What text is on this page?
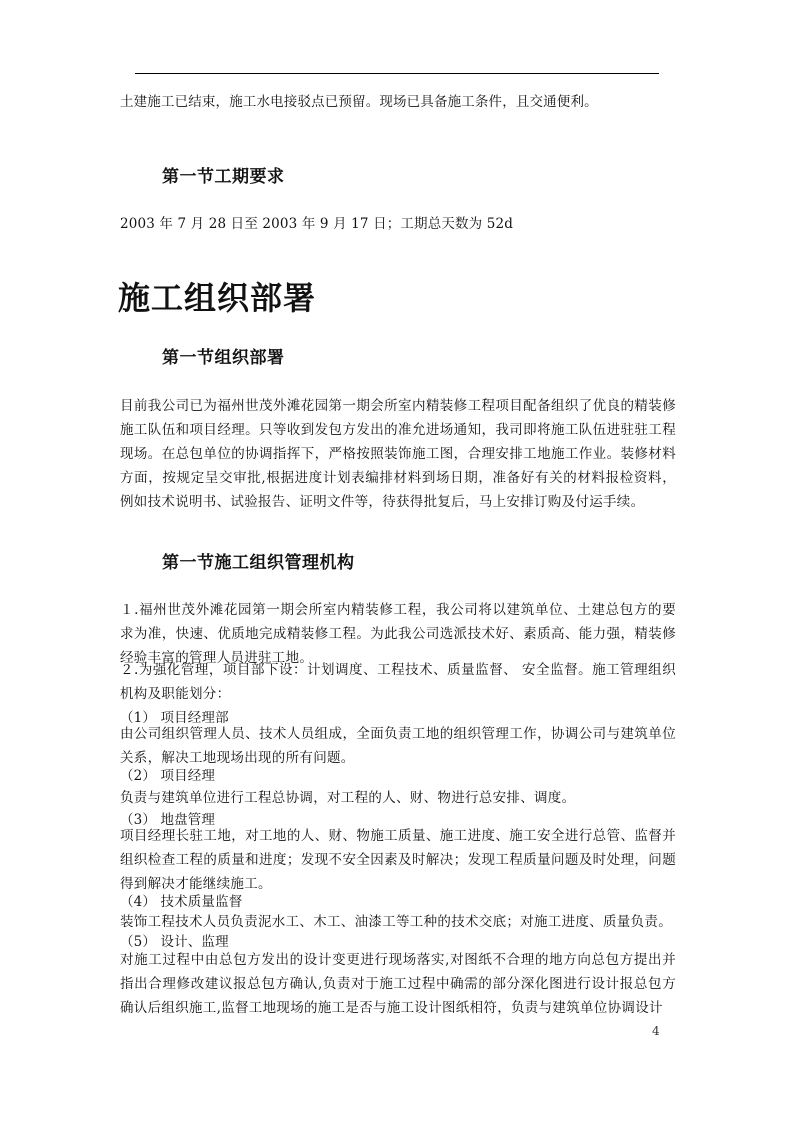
土建施工已结束，施工水电接驳点已预留。现场已具备施工条件，且交通便利。
第一节工期要求
2003 年 7 月 28 日至 2003 年 9 月 17 日；工期总天数为 52d
施工组织部署
第一节组织部署
目前我公司已为福州世茂外滩花园第一期会所室内精装修工程项目配备组织了优良的精装修施工队伍和项目经理。只等收到发包方发出的准允进场通知，我司即将施工队伍进驻驻工程现场。在总包单位的协调指挥下，严格按照装饰施工图，合理安排工地施工作业。装修材料方面，按规定呈交审批,根据进度计划表编排材料到场日期，准备好有关的材料报检资料，例如技术说明书、试验报告、证明文件等，待获得批复后，马上安排订购及付运手续。
第一节施工组织管理机构
１.福州世茂外滩花园第一期会所室内精装修工程，我公司将以建筑单位、土建总包方的要求为准，快速、优质地完成精装修工程。为此我公司选派技术好、素质高、能力强，精装修经验丰富的管理人员进驻工地。
２.为强化管理，项目部下设：计划调度、工程技术、质量监督、 安全监督。施工管理组织机构及职能划分：
（1） 项目经理部
由公司组织管理人员、技术人员组成，全面负责工地的组织管理工作，协调公司与建筑单位关系，解决工地现场出现的所有问题。
（2） 项目经理
负责与建筑单位进行工程总协调，对工程的人、财、物进行总安排、调度。
（3） 地盘管理
项目经理长驻工地，对工地的人、财、物施工质量、施工进度、施工安全进行总管、监督并组织检查工程的质量和进度；发现不安全因素及时解决；发现工程质量问题及时处理，问题得到解决才能继续施工。
（4） 技术质量监督
装饰工程技术人员负责泥水工、木工、油漆工等工种的技术交底；对施工进度、质量负责。
（5） 设计、监理
对施工过程中由总包方发出的设计变更进行现场落实,对图纸不合理的地方向总包方提出并指出合理修改建议报总包方确认,负责对于施工过程中确需的部分深化图进行设计报总包方确认后组织施工,监督工地现场的施工是否与施工设计图纸相符，负责与建筑单位协调设计
4
